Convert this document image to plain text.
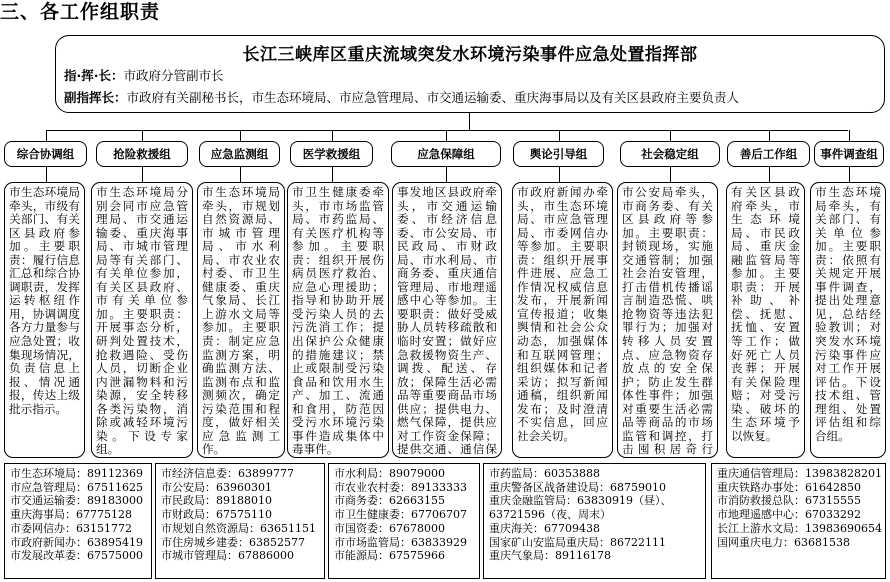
三、各工作组职责
长江三峡库区重庆流域突发水环境污染事件应急处置指挥部
指·挥·长：市政府分管副市长
副指挥长：市政府有关副秘书长，市生态环境局、市应急管理局、市交通运输委、重庆海事局以及有关区县政府主要负责人
综合协调组
市生态环境局牵头，市级有关部门、有关区县政府参加。主要职责：履行信息汇总和综合协调职责，发挥运转枢纽作用，协调调度各方力量参与应急处置；收集现场情况，负责信息上报、情况通报，传达上级批示指示。
抢险救援组
市生态环境局分别会同市应急管理局、市交通运输委、重庆海事局、市城市管理局等有关部门、有关单位参加，有关区县政府、市有关单位参加。主要职责：开展事态分析，研判处置技术，抢救遇险、受伤人员，切断企业内泄漏物料和污染源，安全转移各类污染物，消除或减轻环境污染。下设专家组。
应急监测组
市生态环境局牵头，市规划自然资源局、市城市管理局、市水利局、市农业农村委、市卫生健康委、重庆气象局、长江上游水文局等参加。主要职责：制定应急监测方案，明确监测方法、监测布点和监测频次，确定污染范围和程度，做好相关应急监测工作。
医学救援组
市卫生健康委牵头，市市场监管局、市药监局、有关医疗机构等参加。主要职责：组织开展伤病员医疗救治、应急心理援助；指导和协助开展受污染人员的去污洗消工作；提出保护公众健康的措施建议；禁止或限制受污染食品和饮用水生产、加工、流通和食用，防范因受污水环境污染事件造成集体中毒事件。
应急保障组
事发地区县政府牵头，市交通运输委、市经济信息委、市公安局、市民政局、市财政局、市水利局、市商务委、重庆通信管理局、市地理遥感中心等参加。主要职责：做好受威胁人员转移疏散和临时安置；做好应急救援物资生产、调拨、配送、存放；保障生活必需品等重要商品市场供应；提供电力、燃气保障，提供应对工作资金保障；提供交通、通信保
舆论引导组
市政府新闻办牵头，市生态环境局、市应急管理局、市委网信办等参加。主要职责：组织开展事件进展、应急工作情况权威信息发布，开展新闻宣传报道；收集舆情和社会公众动态，加强媒体和互联网管理；组织媒体和记者采访；拟写新闻通稿，组织新闻发布；及时澄清不实信息，回应社会关切。
社会稳定组
市公安局牵头，市商务委、有关区县政府等参加。主要职责：封锁现场，实施交通管制；加强社会治安管理，打击借机传播谣言制造恐慌、哄抢物资等违法犯罪行为；加强对转移人员安置点、应急物资存放点的安全保护；防止发生群体性事件；加强对重要生活必需品等商品的市场监管和调控，打击囤积居奇行
善后工作组
有关区县政府牵头，市生态环境局、市民政局、重庆金融监管局等参加。主要职责：开展补助、补偿、抚慰、抚恤、安置等工作；做好死亡人员丧葬；开展有关保险理赔；对受污染、破坏的生态环境予以恢复。
事件调查组
市生态环境局牵头，有关部门、有关单位参加。主要职责：依照有关规定开展事件调查，提出处理意见，总结经验教训；对突发水环境污染事件应对工作开展评估。下设技术组、管理组、处置评估组和综合组。
市生态环境局：89112369
市应急管理局：67511625
市交通运输委：89183000
重庆海事局：67775128
市委网信办：63151772
市政府新闻办：63895419
市发展改革委：67575000
市经济信息委：63899777
市公安局：63960301
市民政局：89188010
市财政局：67575110
市规划自然资源局：63651151
市住房城乡建委：63852577
市城市管理局：67886000
市水利局：89079000
市农业农村委：89133333
市商务委：62663155
市卫生健康委：67706707
市国资委：67678000
市市场监管局：63833929
市能源局：67575966
市药监局：60353888
重庆警备区战备建设局：68759010
重庆金融监管局：63830919（昼）、63721596（夜、周末）
重庆海关：67709438
国家矿山安监局重庆局：86722111
重庆气象局：89116178
重庆通信管理局：13983828201
重庆铁路办事处：61642850
市消防救援总队：67315555
市地理遥感中心：67033292
长江上游水文局：13983690654
国网重庆电力：63681538
